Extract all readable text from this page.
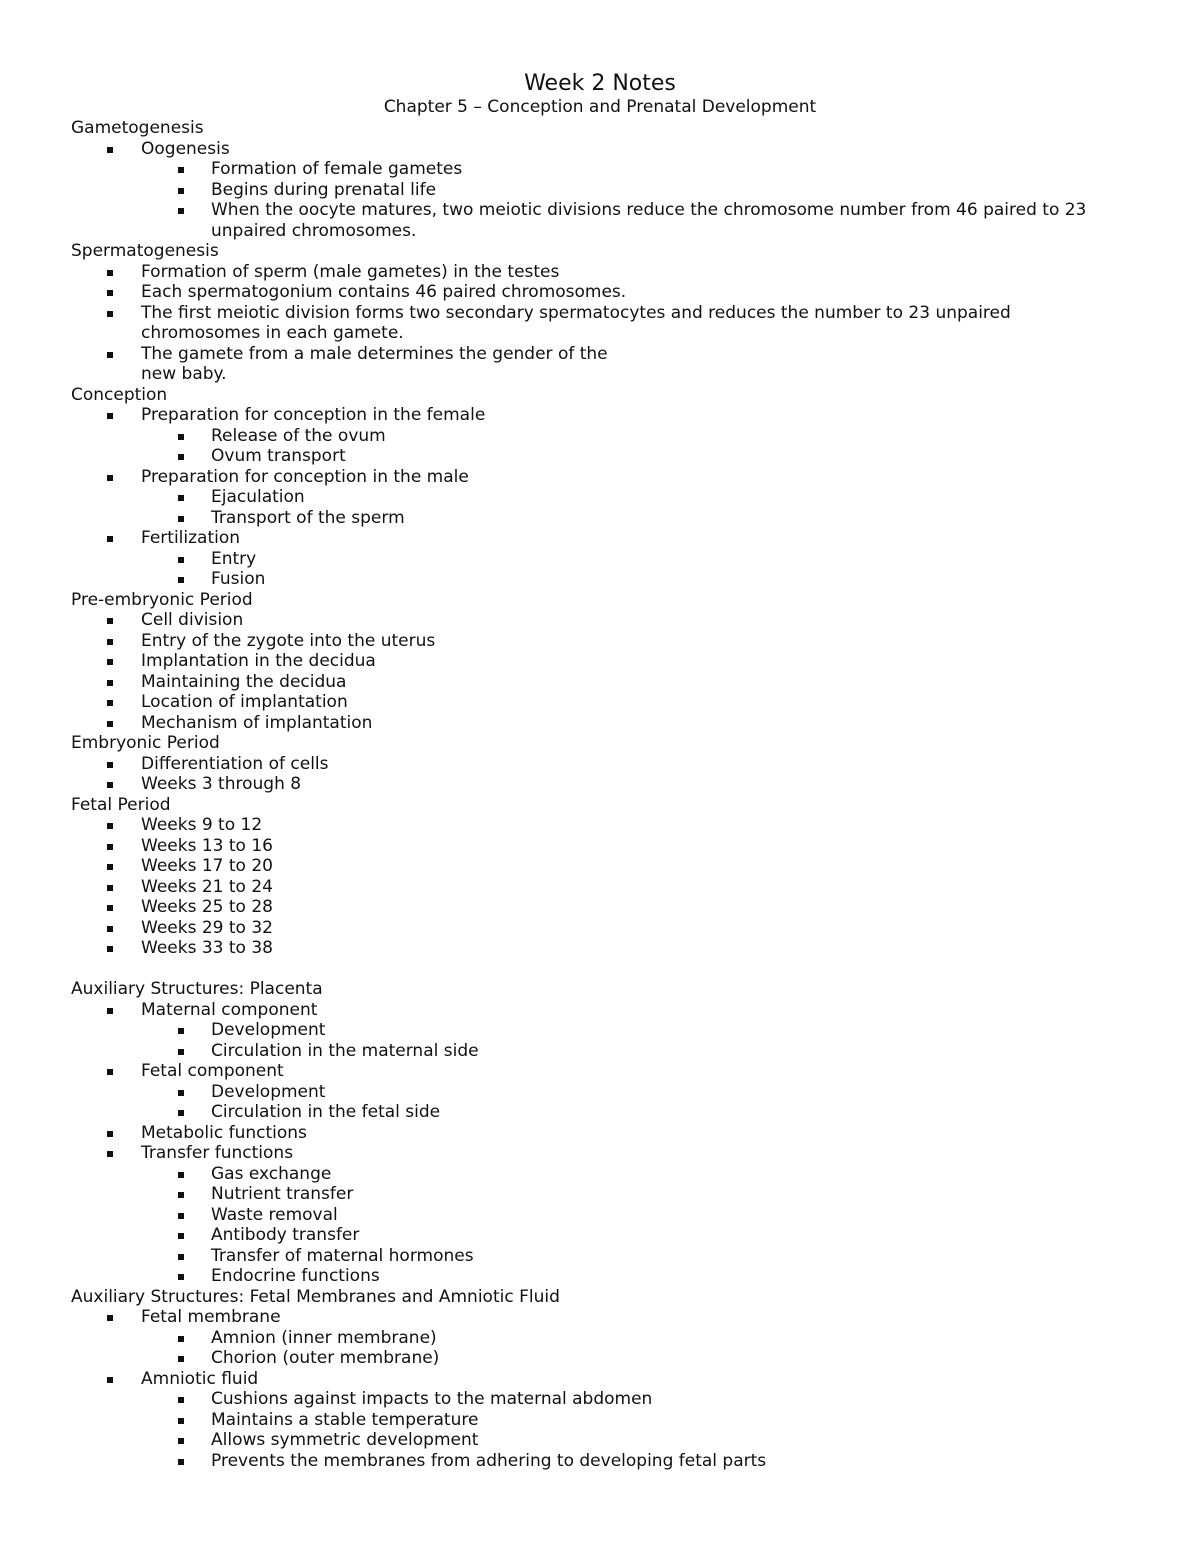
Week 2 Notes
Chapter 5 – Conception and Prenatal Development
Gametogenesis
Oogenesis
Formation of female gametes
Begins during prenatal life
When the oocyte matures, two meiotic divisions reduce the chromosome number from 46 paired to 23
unpaired chromosomes.
Spermatogenesis
Formation of sperm (male gametes) in the testes
Each spermatogonium contains 46 paired chromosomes.
The first meiotic division forms two secondary spermatocytes and reduces the number to 23 unpaired
chromosomes in each gamete.
The gamete from a male determines the gender of the
new baby.
Conception
Preparation for conception in the female
Release of the ovum
Ovum transport
Preparation for conception in the male
Ejaculation
Transport of the sperm
Fertilization
Entry
Fusion
Pre-embryonic Period
Cell division
Entry of the zygote into the uterus
Implantation in the decidua
Maintaining the decidua
Location of implantation
Mechanism of implantation
Embryonic Period
Differentiation of cells
Weeks 3 through 8
Fetal Period
Weeks 9 to 12
Weeks 13 to 16
Weeks 17 to 20
Weeks 21 to 24
Weeks 25 to 28
Weeks 29 to 32
Weeks 33 to 38
Auxiliary Structures: Placenta
Maternal component
Development
Circulation in the maternal side
Fetal component
Development
Circulation in the fetal side
Metabolic functions
Transfer functions
Gas exchange
Nutrient transfer
Waste removal
Antibody transfer
Transfer of maternal hormones
Endocrine functions
Auxiliary Structures: Fetal Membranes and Amniotic Fluid
Fetal membrane
Amnion (inner membrane)
Chorion (outer membrane)
Amniotic fluid
Cushions against impacts to the maternal abdomen
Maintains a stable temperature
Allows symmetric development
Prevents the membranes from adhering to developing fetal parts
